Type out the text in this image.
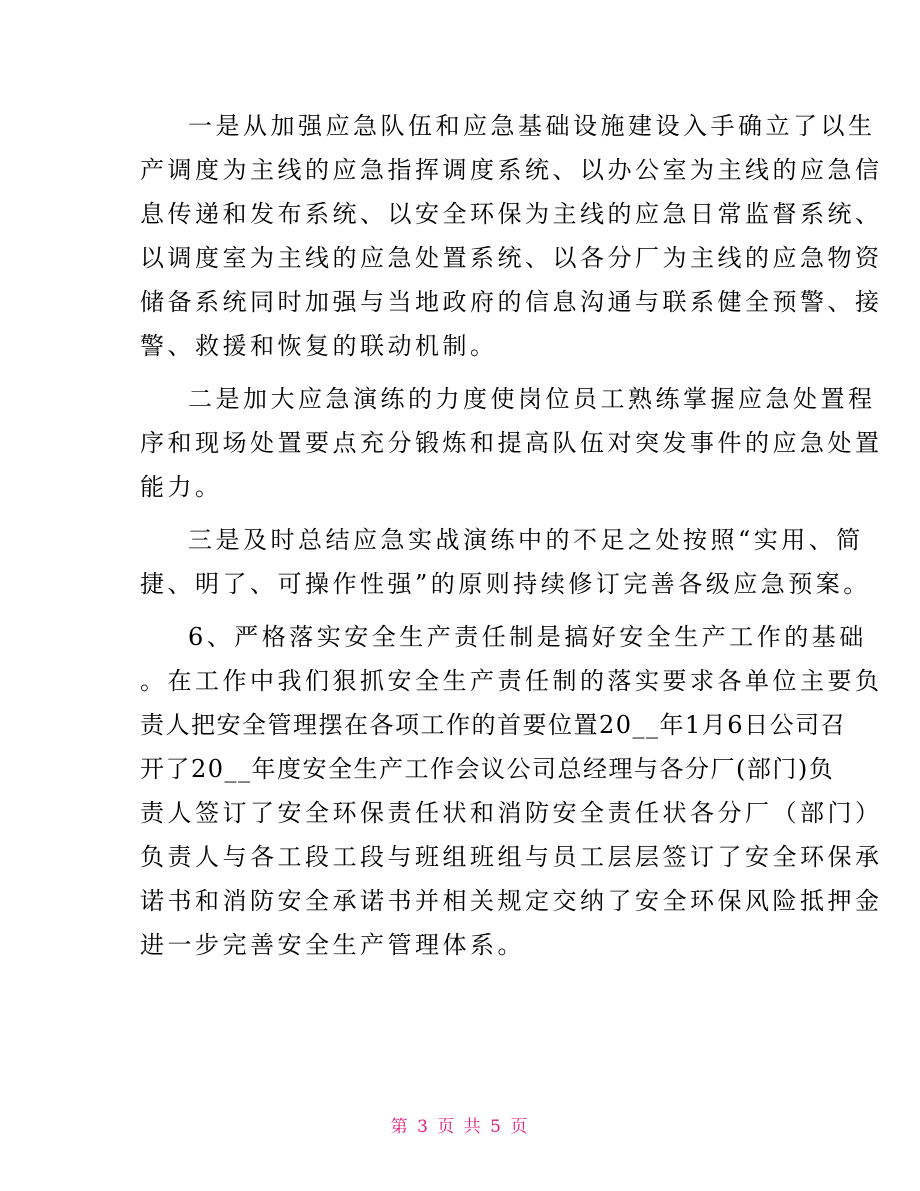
一是从加强应急队伍和应急基础设施建设入手确立了以生
产调度为主线的应急指挥调度系统、以办公室为主线的应急信
息传递和发布系统、以安全环保为主线的应急日常监督系统、
以调度室为主线的应急处置系统、以各分厂为主线的应急物资
储备系统同时加强与当地政府的信息沟通与联系健全预警、接
警、救援和恢复的联动机制。
二是加大应急演练的力度使岗位员工熟练掌握应急处置程
序和现场处置要点充分锻炼和提高队伍对突发事件的应急处置
能力。
三是及时总结应急实战演练中的不足之处按照“实用、简
捷、明了、可操作性强”的原则持续修订完善各级应急预案。
6、严格落实安全生产责任制是搞好安全生产工作的基础
。在工作中我们狠抓安全生产责任制的落实要求各单位主要负
责人把安全管理摆在各项工作的首要位置20__年1月6日公司召
开了20__年度安全生产工作会议公司总经理与各分厂(部门)负
责人签订了安全环保责任状和消防安全责任状各分厂（部门）
负责人与各工段工段与班组班组与员工层层签订了安全环保承
诺书和消防安全承诺书并相关规定交纳了安全环保风险抵押金
进一步完善安全生产管理体系。
第 3 页 共 5 页
